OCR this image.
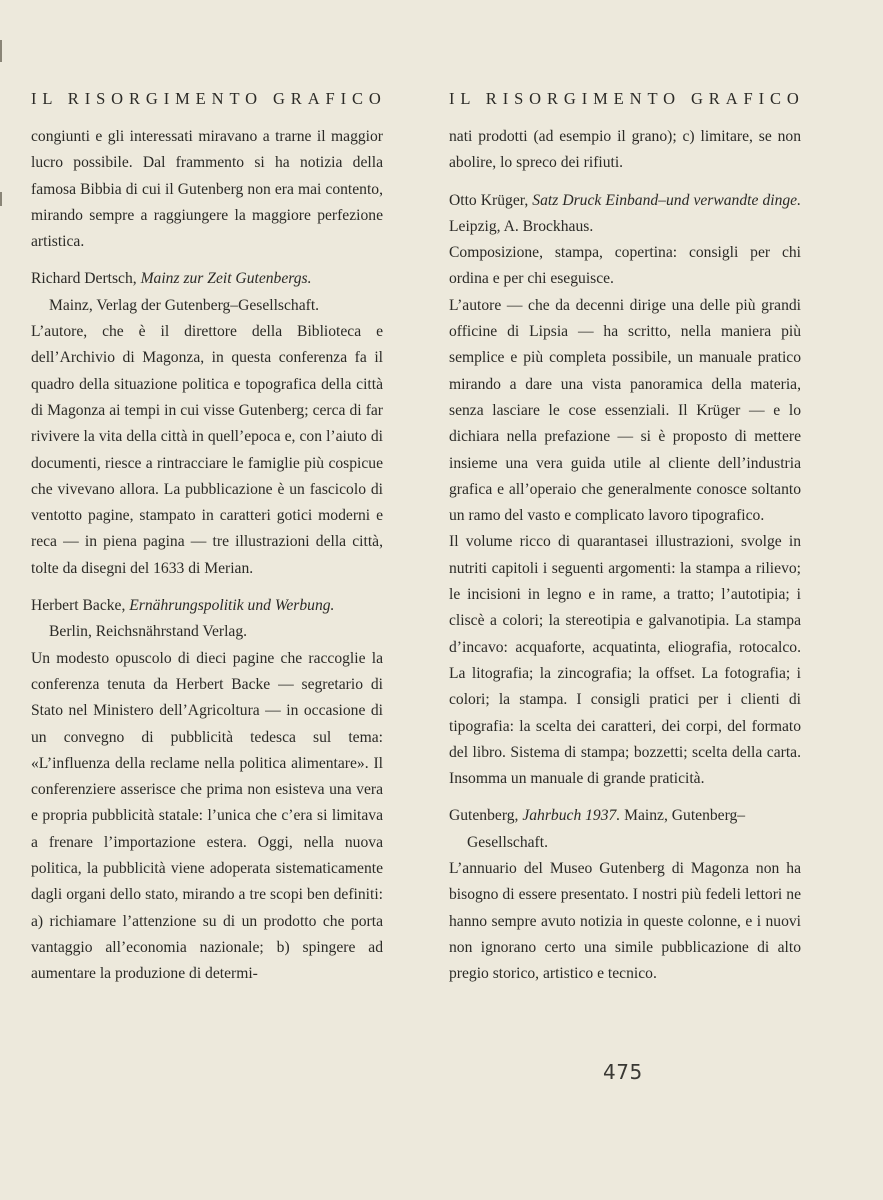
IL RISORGIMENTO GRAFICO

congiunti e gli interessati miravano a trarne il maggior lucro possibile. Dal frammento si ha notizia della famosa Bibbia di cui il Gutenberg non era mai contento, mirando sempre a raggiungere la maggiore perfezione artistica.

Richard Dertsch, Mainz zur Zeit Gutenbergs.

Mainz, Verlag der Gutenberg–Gesellschaft.

L’autore, che è il direttore della Biblioteca e dell’Archivio di Magonza, in questa conferenza fa il quadro della situazione politica e topografica della città di Magonza ai tempi in cui visse Gutenberg; cerca di far rivivere la vita della città in quell’epoca e, con l’aiuto di documenti, riesce a rintracciare le famiglie più cospicue che vivevano allora. La pubblicazione è un fascicolo di ventotto pagine, stampato in caratteri gotici moderni e reca — in piena pagina — tre illustrazioni della città, tolte da disegni del 1633 di Merian.

Herbert Backe, Ernährungspolitik und Werbung.

Berlin, Reichsnährstand Verlag.

Un modesto opuscolo di dieci pagine che raccoglie la conferenza tenuta da Herbert Backe — segretario di Stato nel Ministero dell’Agricoltura — in occasione di un convegno di pubblicità tedesca sul tema: «L’influenza della reclame nella politica alimentare». Il conferenziere asserisce che prima non esisteva una vera e propria pubblicità statale: l’unica che c’era si limitava a frenare l’importazione estera. Oggi, nella nuova politica, la pubblicità viene adoperata sistematicamente dagli organi dello stato, mirando a tre scopi ben definiti: a) richiamare l’attenzione su di un prodotto che porta vantaggio all’economia nazionale; b) spingere ad aumentare la produzione di determi-

IL RISORGIMENTO GRAFICO

nati prodotti (ad esempio il grano); c) limitare, se non abolire, lo spreco dei rifiuti.

Otto Krüger, Satz Druck Einband–und verwandte dinge. Leipzig, A. Brockhaus.

Composizione, stampa, copertina: consigli per chi ordina e per chi eseguisce.

L’autore — che da decenni dirige una delle più grandi officine di Lipsia — ha scritto, nella maniera più semplice e più completa possibile, un manuale pratico mirando a dare una vista panoramica della materia, senza lasciare le cose essenziali. Il Krüger — e lo dichiara nella prefazione — si è proposto di mettere insieme una vera guida utile al cliente dell’industria grafica e all’operaio che generalmente conosce soltanto un ramo del vasto e complicato lavoro tipografico.

Il volume ricco di quarantasei illustrazioni, svolge in nutriti capitoli i seguenti argomenti: la stampa a rilievo; le incisioni in legno e in rame, a tratto; l’autotipia; i cliscè a colori; la stereotipia e galvanotipia. La stampa d’incavo: acquaforte, acquatinta, eliografia, rotocalco. La litografia; la zincografia; la offset. La fotografia; i colori; la stampa. I consigli pratici per i clienti di tipografia: la scelta dei caratteri, dei corpi, del formato del libro. Sistema di stampa; bozzetti; scelta della carta. Insomma un manuale di grande praticità.

Gutenberg, Jahrbuch 1937. Mainz, Gutenberg–

Gesellschaft.

L’annuario del Museo Gutenberg di Magonza non ha bisogno di essere presentato. I nostri più fedeli lettori ne hanno sempre avuto notizia in queste colonne, e i nuovi non ignorano certo una simile pubblicazione di alto pregio storico, artistico e tecnico.

475
